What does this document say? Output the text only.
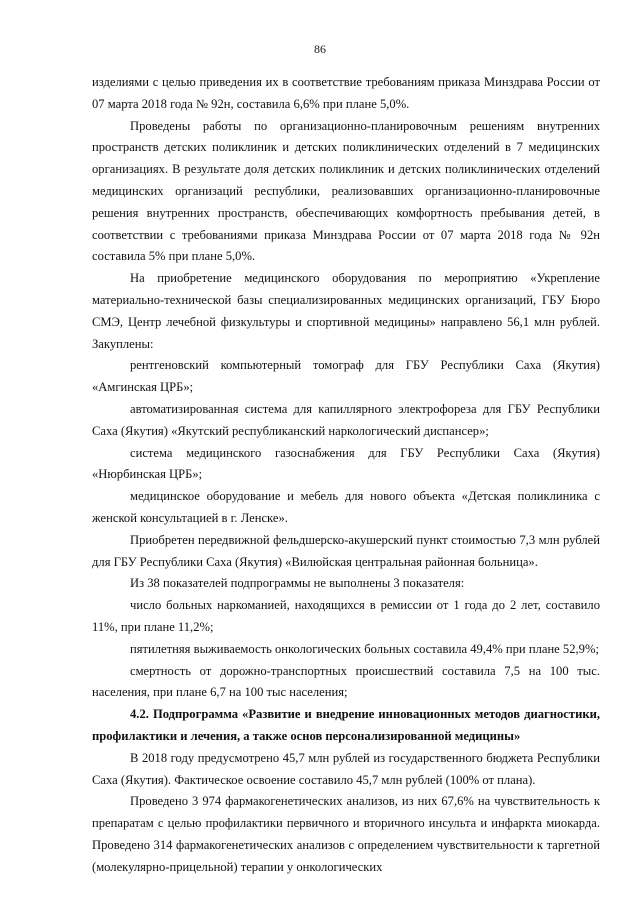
86

изделиями с целью приведения их в соответствие требованиям приказа Минздрава России от 07 марта 2018 года № 92н, составила 6,6% при плане 5,0%.

Проведены работы по организационно-планировочным решениям внутренних пространств детских поликлиник и детских поликлинических отделений в 7 медицинских организациях. В результате доля детских поликлиник и детских поликлинических отделений медицинских организаций республики, реализовавших организационно-планировочные решения внутренних пространств, обеспечивающих комфортность пребывания детей, в соответствии с требованиями приказа Минздрава России от 07 марта 2018 года № 92н составила 5% при плане 5,0%.

На приобретение медицинского оборудования по мероприятию «Укрепление материально-технической базы специализированных медицинских организаций, ГБУ Бюро СМЭ, Центр лечебной физкультуры и спортивной медицины» направлено 56,1 млн рублей. Закуплены:

рентгеновский компьютерный томограф для ГБУ Республики Саха (Якутия) «Амгинская ЦРБ»;

автоматизированная система для капиллярного электрофореза для ГБУ Республики Саха (Якутия) «Якутский республиканский наркологический диспансер»;

система медицинского газоснабжения для ГБУ Республики Саха (Якутия) «Нюрбинская ЦРБ»;

медицинское оборудование и мебель для нового объекта «Детская поликлиника с женской консультацией в г. Ленске».

Приобретен передвижной фельдшерско-акушерский пункт стоимостью 7,3 млн рублей для ГБУ Республики Саха (Якутия) «Вилюйская центральная районная больница».

Из 38 показателей подпрограммы не выполнены 3 показателя:

число больных наркоманией, находящихся в ремиссии от 1 года до 2 лет, составило 11%, при плане 11,2%;

пятилетняя выживаемость онкологических больных составила 49,4% при плане 52,9%;

смертность от дорожно-транспортных происшествий составила 7,5 на 100 тыс. населения, при плане 6,7 на 100 тыс населения;

4.2. Подпрограмма «Развитие и внедрение инновационных методов диагностики, профилактики и лечения, а также основ персонализированной медицины»

В 2018 году предусмотрено 45,7 млн рублей из государственного бюджета Республики Саха (Якутия). Фактическое освоение составило 45,7 млн рублей (100% от плана).

Проведено 3 974 фармакогенетических анализов, из них 67,6% на чувствительность к препаратам с целью профилактики первичного и вторичного инсульта и инфаркта миокарда. Проведено 314 фармакогенетических анализов с определением чувствительности к таргетной (молекулярно-прицельной) терапии у онкологических
